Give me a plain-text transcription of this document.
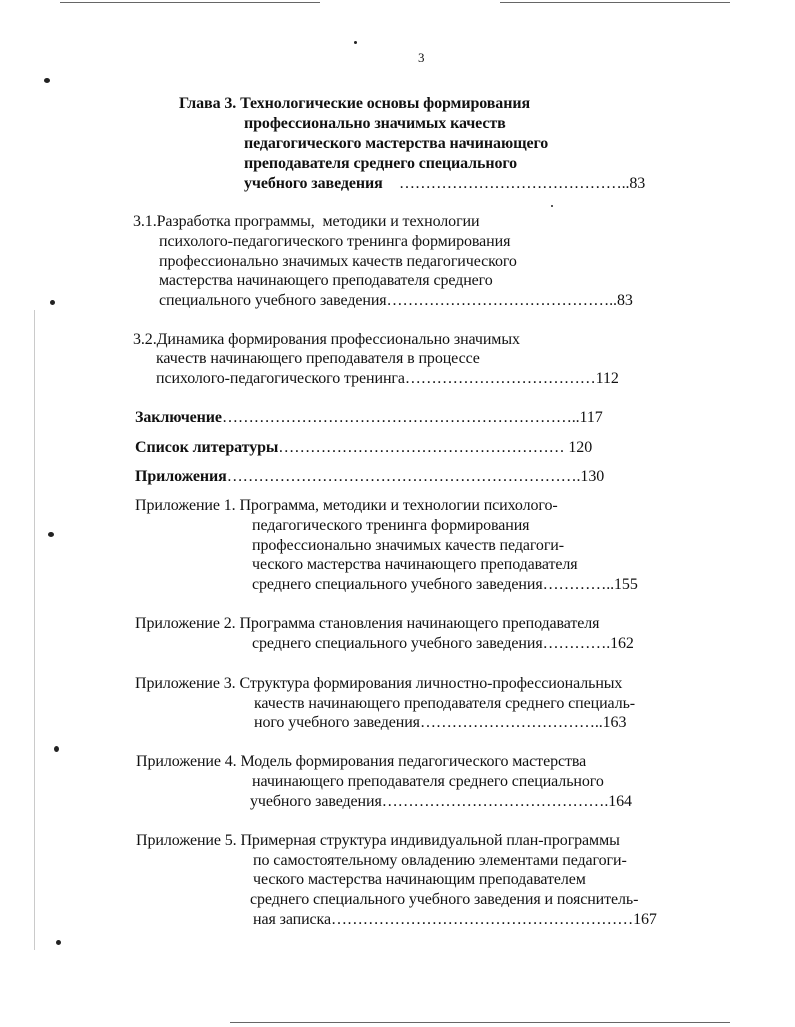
3
Глава 3. Технологические основы формирования
профессионально значимых качеств
педагогического мастерства начинающего
преподавателя среднего специального
учебного заведения ……………………………………..83
3.1.Разработка программы,  методики и технологии
психолого-педагогического тренинга формирования
профессионально значимых качеств педагогического
мастерства начинающего преподавателя среднего
специального учебного заведения……………………………………..83
3.2.Динамика формирования профессионально значимых
качеств начинающего преподавателя в процессе
психолого-педагогического тренинга………………………………112
Заключение…………………………………………………………..117
Список литературы……………………………………………… 120
Приложения………………………………………………………….130
Приложение 1. Программа, методики и технологии психолого-
педагогического тренинга формирования
профессионально значимых качеств педагоги-
ческого мастерства начинающего преподавателя
среднего специального учебного заведения…………..155
Приложение 2. Программа становления начинающего преподавателя
среднего специального учебного заведения………….162
Приложение 3. Структура формирования личностно-профессиональных
качеств начинающего преподавателя среднего специаль-
ного учебного заведения……………………………..163
Приложение 4. Модель формирования педагогического мастерства
начинающего преподавателя среднего специального
учебного заведения…………………………………….164
Приложение 5. Примерная структура индивидуальной план-программы
по самостоятельному овладению элементами педагоги-
ческого мастерства начинающим преподавателем
среднего специального учебного заведения и пояснитель-
ная записка…………………………………………………167
